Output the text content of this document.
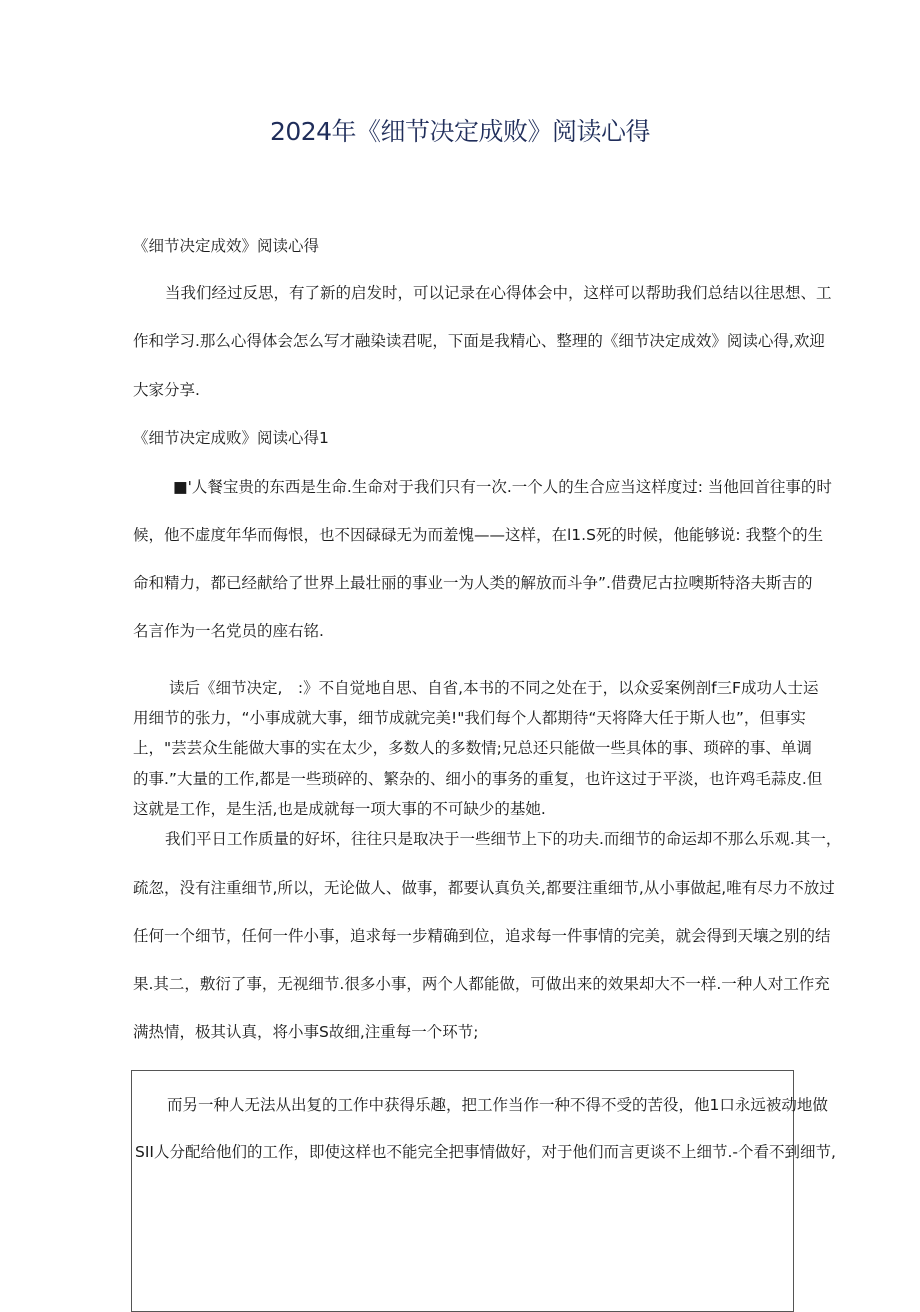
2024年《细节决定成败》阅读心得
《细节决定成效》阅读心得
当我们经过反思，有了新的启发时，可以记录在心得体会中，这样可以帮助我们总结以往思想、工
作和学习.那么心得体会怎么写才融染读君呢，下面是我精心、整理的《细节决定成效》阅读心得,欢迎
大家分享.
《细节决定成败》阅读心得1
■'人餐宝贵的东西是生命.生命对于我们只有一次.一个人的生合应当这样度过: 当他回首往事的时
候，他不虚度年华而侮恨，也不因碌碌无为而羞愧——这样，在l1.S死的时候，他能够说: 我整个的生
命和精力，都已经献给了世界上最壮丽的事业一为人类的解放而斗争”.借费尼古拉噢斯特洛夫斯吉的
名言作为一名党员的座右铭.
读后《细节决定,　:》不自觉地自思、自省,本书的不同之处在于，以众妥案例剖f三F成功人士运
用细节的张力，“小事成就大事，细节成就完美!"我们每个人都期待“天将降大任于斯人也”，但事实
上，"芸芸众生能做大事的实在太少，多数人的多数情;兄总还只能做一些具体的事、琐碎的事、单调
的事.”大量的工作,都是一些琐碎的、繁杂的、细小的事务的重复，也许这过于平淡，也许鸡毛蒜皮.但
这就是工作，是生活,也是成就每一项大事的不可缺少的基她.
我们平日工作质量的好坏，往往只是取决于一些细节上下的功夫.而细节的命运却不那么乐观.其一，
疏忽，没有注重细节,所以，无论做人、做事，都要认真负关,都要注重细节,从小事做起,唯有尽力不放过
任何一个细节，任何一件小事，追求每一步精确到位，追求每一件事情的完美，就会得到天壤之别的结
果.其二，敷衍了事，无视细节.很多小事，两个人都能做，可做出来的效果却大不一样.一种人对工作充
满热情，极其认真，将小事S故细,注重每一个环节;
而另一种人无法从出复的工作中获得乐趣，把工作当作一种不得不受的苦役，他1口永远被动地做
SII人分配给他们的工作，即使这样也不能完全把事情做好，对于他们而言更谈不上细节.-个看不到细节,
